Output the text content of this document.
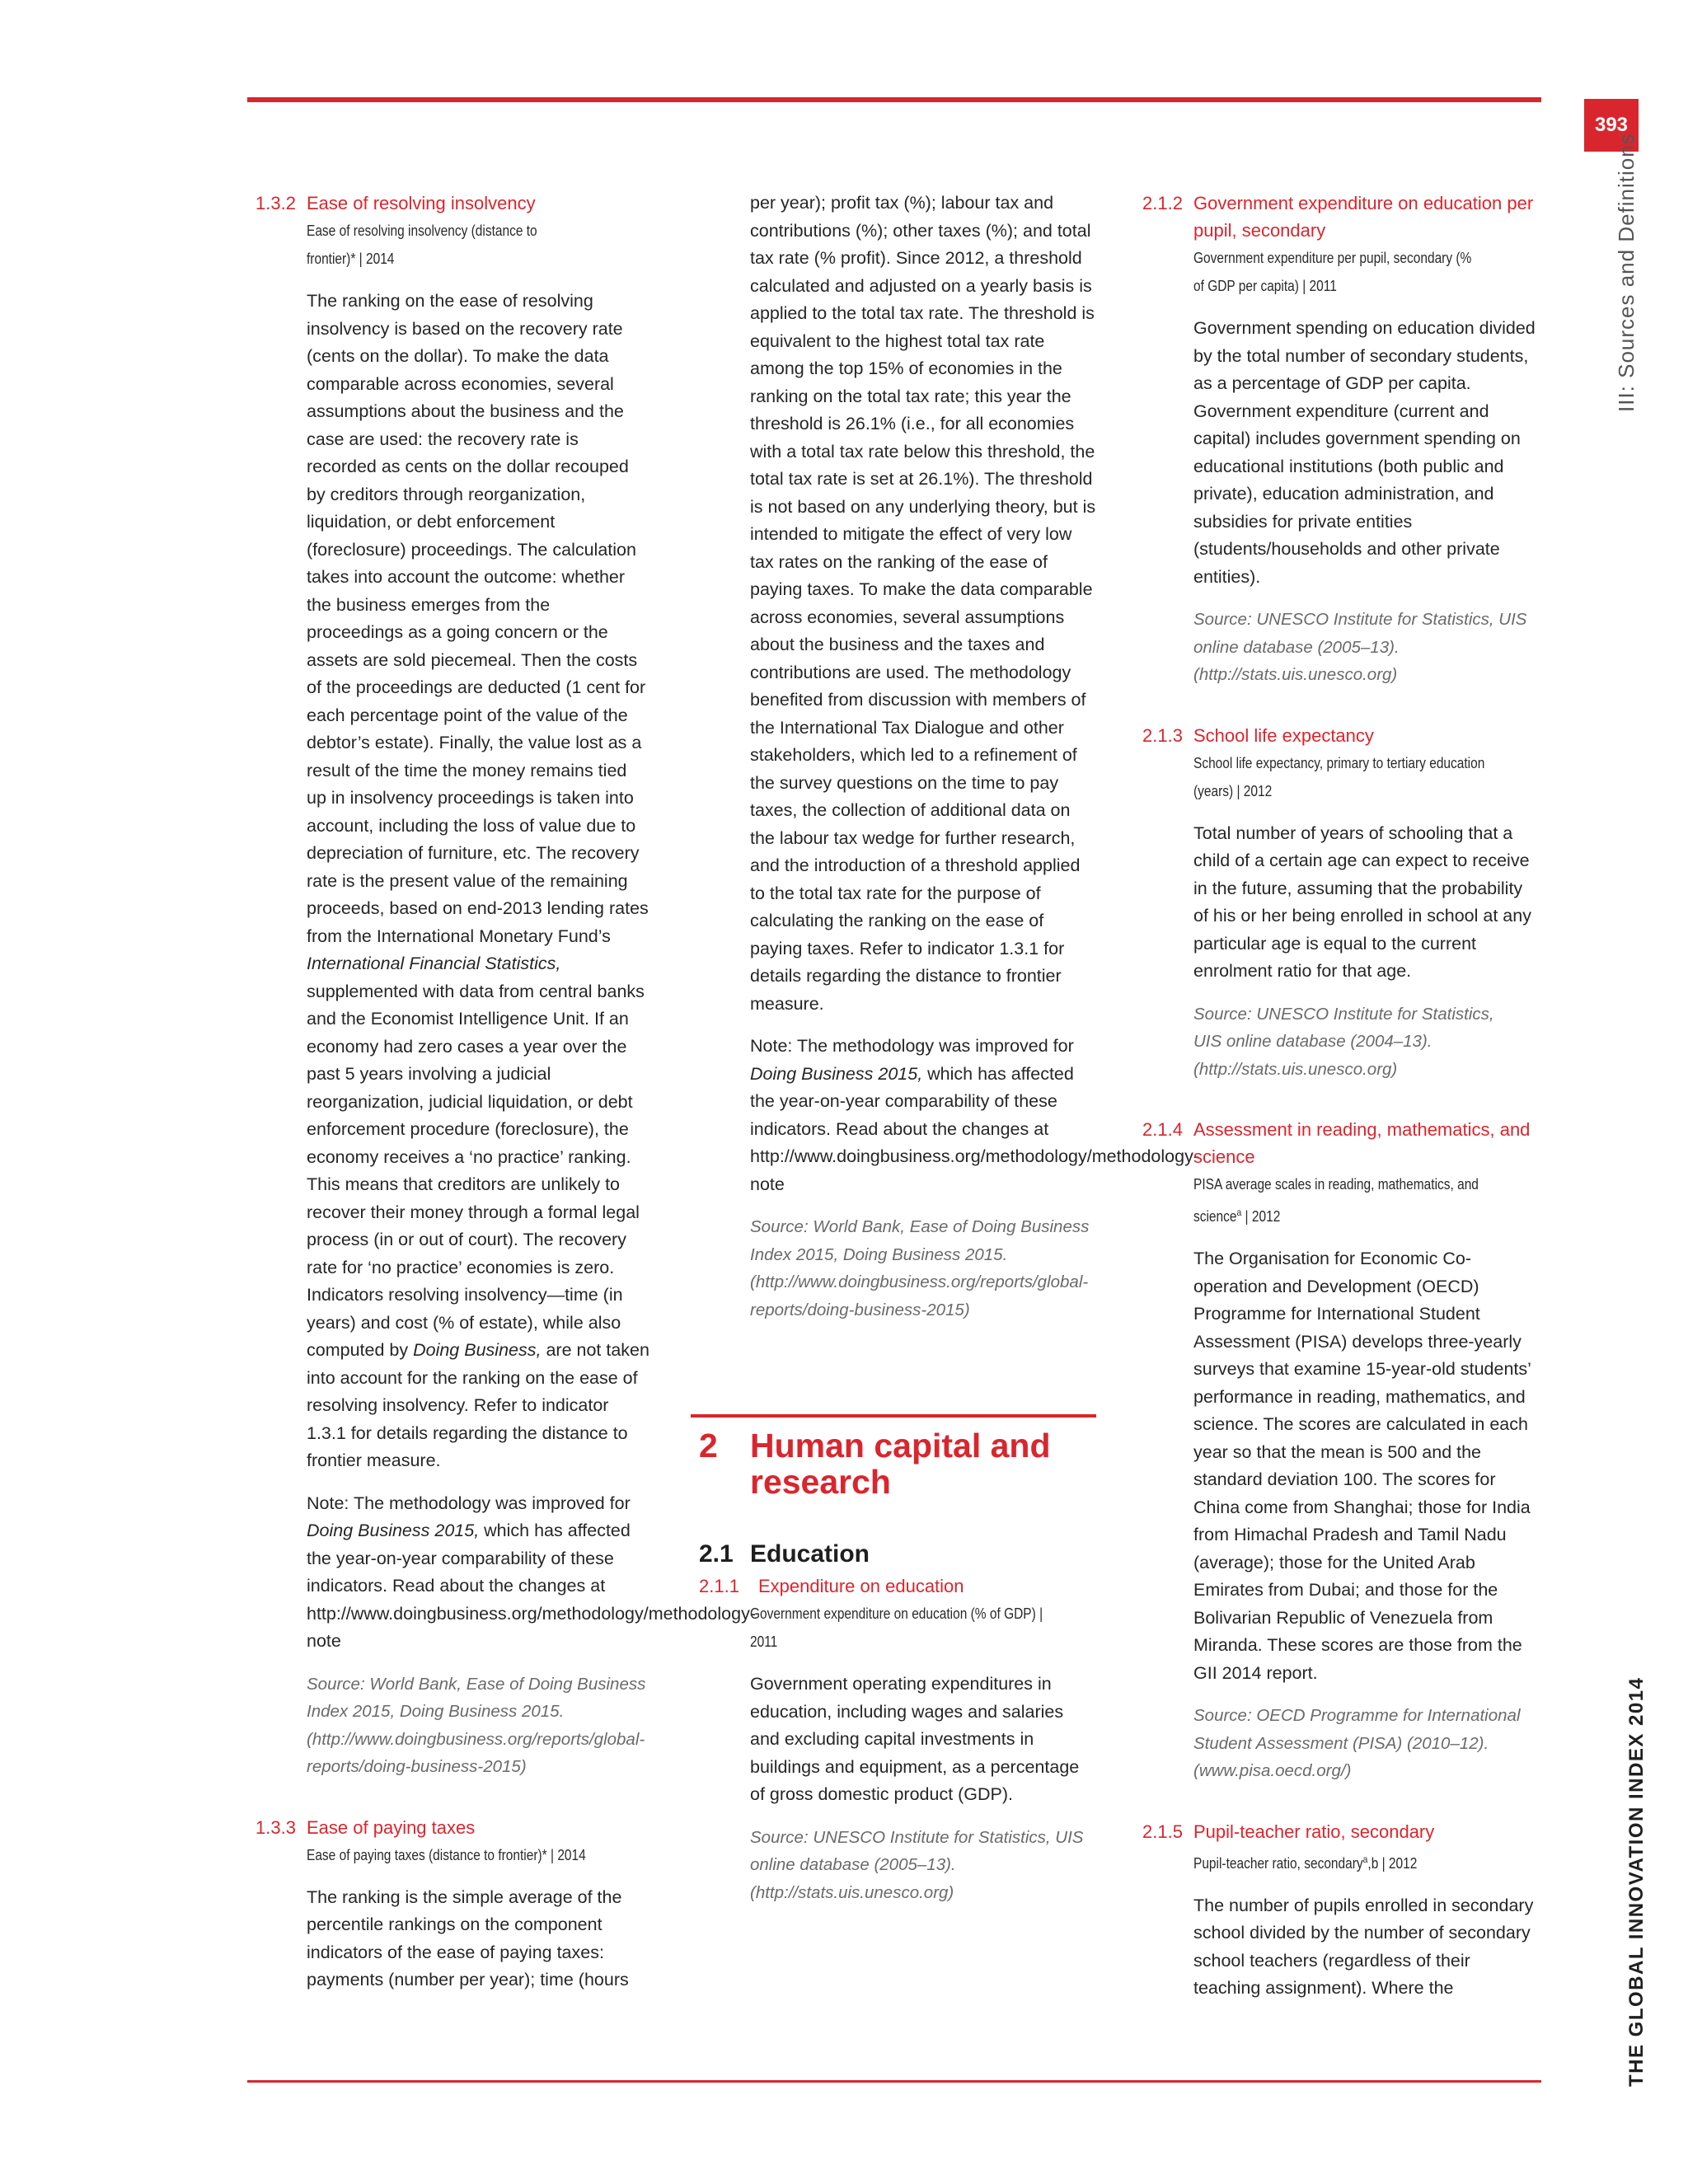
393
III: Sources and Definitions
THE GLOBAL INNOVATION INDEX 2014
1.3.2 Ease of resolving insolvency
Ease of resolving insolvency (distance to frontier)* | 2014
The ranking on the ease of resolving insolvency is based on the recovery rate (cents on the dollar). To make the data comparable across economies, several assumptions about the business and the case are used: the recovery rate is recorded as cents on the dollar recouped by creditors through reorganization, liquidation, or debt enforcement (foreclosure) proceedings. The calculation takes into account the outcome: whether the business emerges from the proceedings as a going concern or the assets are sold piecemeal. Then the costs of the proceedings are deducted (1 cent for each percentage point of the value of the debtor’s estate). Finally, the value lost as a result of the time the money remains tied up in insolvency proceedings is taken into account, including the loss of value due to depreciation of furniture, etc. The recovery rate is the present value of the remaining proceeds, based on end-2013 lending rates from the International Monetary Fund’s International Financial Statistics, supplemented with data from central banks and the Economist Intelligence Unit. If an economy had zero cases a year over the past 5 years involving a judicial reorganization, judicial liquidation, or debt enforcement procedure (foreclosure), the economy receives a ‘no practice’ ranking. This means that creditors are unlikely to recover their money through a formal legal process (in or out of court). The recovery rate for ‘no practice’ economies is zero. Indicators resolving insolvency—time (in years) and cost (% of estate), while also computed by Doing Business, are not taken into account for the ranking on the ease of resolving insolvency. Refer to indicator 1.3.1 for details regarding the distance to frontier measure.
Note: The methodology was improved for Doing Business 2015, which has affected the year-on-year comparability of these indicators. Read about the changes at http://www.doingbusiness.org/methodology/methodology-note
Source: World Bank, Ease of Doing Business Index 2015, Doing Business 2015. (http://www.doingbusiness.org/reports/global-reports/doing-business-2015)
1.3.3 Ease of paying taxes
Ease of paying taxes (distance to frontier)* | 2014
The ranking is the simple average of the percentile rankings on the component indicators of the ease of paying taxes: payments (number per year); time (hours
per year); profit tax (%); labour tax and contributions (%); other taxes (%); and total tax rate (% profit). Since 2012, a threshold calculated and adjusted on a yearly basis is applied to the total tax rate. The threshold is equivalent to the highest total tax rate among the top 15% of economies in the ranking on the total tax rate; this year the threshold is 26.1% (i.e., for all economies with a total tax rate below this threshold, the total tax rate is set at 26.1%). The threshold is not based on any underlying theory, but is intended to mitigate the effect of very low tax rates on the ranking of the ease of paying taxes. To make the data comparable across economies, several assumptions about the business and the taxes and contributions are used. The methodology benefited from discussion with members of the International Tax Dialogue and other stakeholders, which led to a refinement of the survey questions on the time to pay taxes, the collection of additional data on the labour tax wedge for further research, and the introduction of a threshold applied to the total tax rate for the purpose of calculating the ranking on the ease of paying taxes. Refer to indicator 1.3.1 for details regarding the distance to frontier measure.
Note: The methodology was improved for Doing Business 2015, which has affected the year-on-year comparability of these indicators. Read about the changes at http://www.doingbusiness.org/methodology/methodology-note
Source: World Bank, Ease of Doing Business Index 2015, Doing Business 2015. (http://www.doingbusiness.org/reports/global-reports/doing-business-2015)
2 Human capital and research
2.1 Education
2.1.1 Expenditure on education
Government expenditure on education (% of GDP) | 2011
Government operating expenditures in education, including wages and salaries and excluding capital investments in buildings and equipment, as a percentage of gross domestic product (GDP).
Source: UNESCO Institute for Statistics, UIS online database (2005–13). (http://stats.uis.unesco.org)
2.1.2 Government expenditure on education per pupil, secondary
Government expenditure per pupil, secondary (% of GDP per capita) | 2011
Government spending on education divided by the total number of secondary students, as a percentage of GDP per capita. Government expenditure (current and capital) includes government spending on educational institutions (both public and private), education administration, and subsidies for private entities (students/households and other private entities).
Source: UNESCO Institute for Statistics, UIS online database (2005–13). (http://stats.uis.unesco.org)
2.1.3 School life expectancy
School life expectancy, primary to tertiary education (years) | 2012
Total number of years of schooling that a child of a certain age can expect to receive in the future, assuming that the probability of his or her being enrolled in school at any particular age is equal to the current enrolment ratio for that age.
Source: UNESCO Institute for Statistics, UIS online database (2004–13). (http://stats.uis.unesco.org)
2.1.4 Assessment in reading, mathematics, and science
PISA average scales in reading, mathematics, and science$^a$ | 2012
The Organisation for Economic Co-operation and Development (OECD) Programme for International Student Assessment (PISA) develops three-yearly surveys that examine 15-year-old students’ performance in reading, mathematics, and science. The scores are calculated in each year so that the mean is 500 and the standard deviation 100. The scores for China come from Shanghai; those for India from Himachal Pradesh and Tamil Nadu (average); those for the United Arab Emirates from Dubai; and those for the Bolivarian Republic of Venezuela from Miranda. These scores are those from the GII 2014 report.
Source: OECD Programme for International Student Assessment (PISA) (2010–12). (www.pisa.oecd.org/)
2.1.5 Pupil-teacher ratio, secondary
Pupil-teacher ratio, secondary$^a$,b | 2012
The number of pupils enrolled in secondary school divided by the number of secondary school teachers (regardless of their teaching assignment). Where the
